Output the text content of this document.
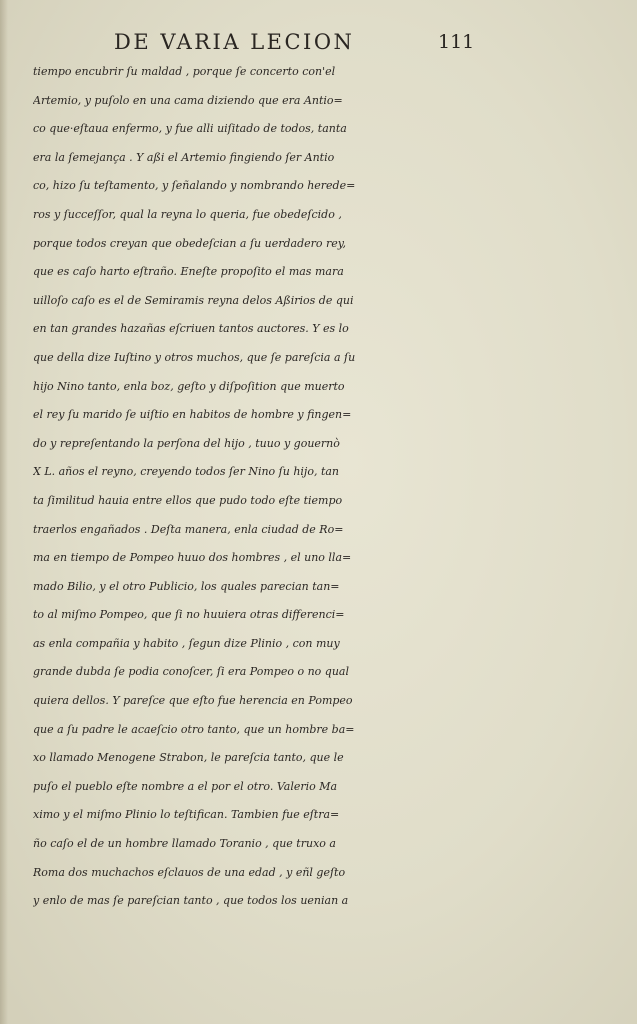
DE VARIA LECION	111
tiempo encubrir ſu maldad , porque ſe concerto con'el
Artemio, y puſolo en una cama diziendo que era Antio=
co que·eſtaua enfermo, y fue alli uiſitado de todos, tanta
era la ſemejança . Y aßi el Artemio fingiendo ſer Antio
co, hizo ſu teſtamento, y ſeñalando y nombrando herede=
ros y ſucceſſor, qual la reyna lo queria, fue obedeſcido ,
porque todos creyan que obedeſcian a ſu uerdadero rey,
que es caſo harto eſtraño. Eneſte propoſito el mas mara
uilloſo caſo es el de Semiramis reyna delos Aßirios de qui
en tan grandes hazañas eſcriuen tantos auctores. Y es lo
que della dize Iuſtino y otros muchos, que ſe pareſcia a ſu
hijo Nino tanto, enla boz, geſto y diſpoſition que muerto
el rey ſu marido ſe uiſtio en habitos de hombre y fingen=
do y repreſentando la perſona del hijo , tuuo y gouernò
X L. años el reyno, creyendo todos ſer Nino ſu hijo, tan
ta ſimilitud hauia entre ellos que pudo todo eſte tiempo
traerlos engañados . Deſta manera, enla ciudad de Ro=
ma en tiempo de Pompeo huuo dos hombres , el uno lla=
mado Bilio, y el otro Publicio, los quales parecian tan=
to al miſmo Pompeo, que ſi no huuiera otras differenci=
as enla compañia y habito , ſegun dize Plinio , con muy
grande dubda ſe podia conoſcer, ſi era Pompeo o no qual
quiera dellos. Y pareſce que eſto fue herencia en Pompeo
que a ſu padre le acaeſcio otro tanto, que un hombre ba=
xo llamado Menogene Strabon, le pareſcia tanto, que le
puſo el pueblo eſte nombre a el por el otro. Valerio Ma
ximo y el miſmo Plinio lo teſtifican. Tambien fue eſtra=
ño caſo el de un hombre llamado Toranio , que truxo a
Roma dos muchachos eſclauos de una edad , y eñl geſto
y enlo de mas ſe pareſcian tanto , que todos los uenian a
